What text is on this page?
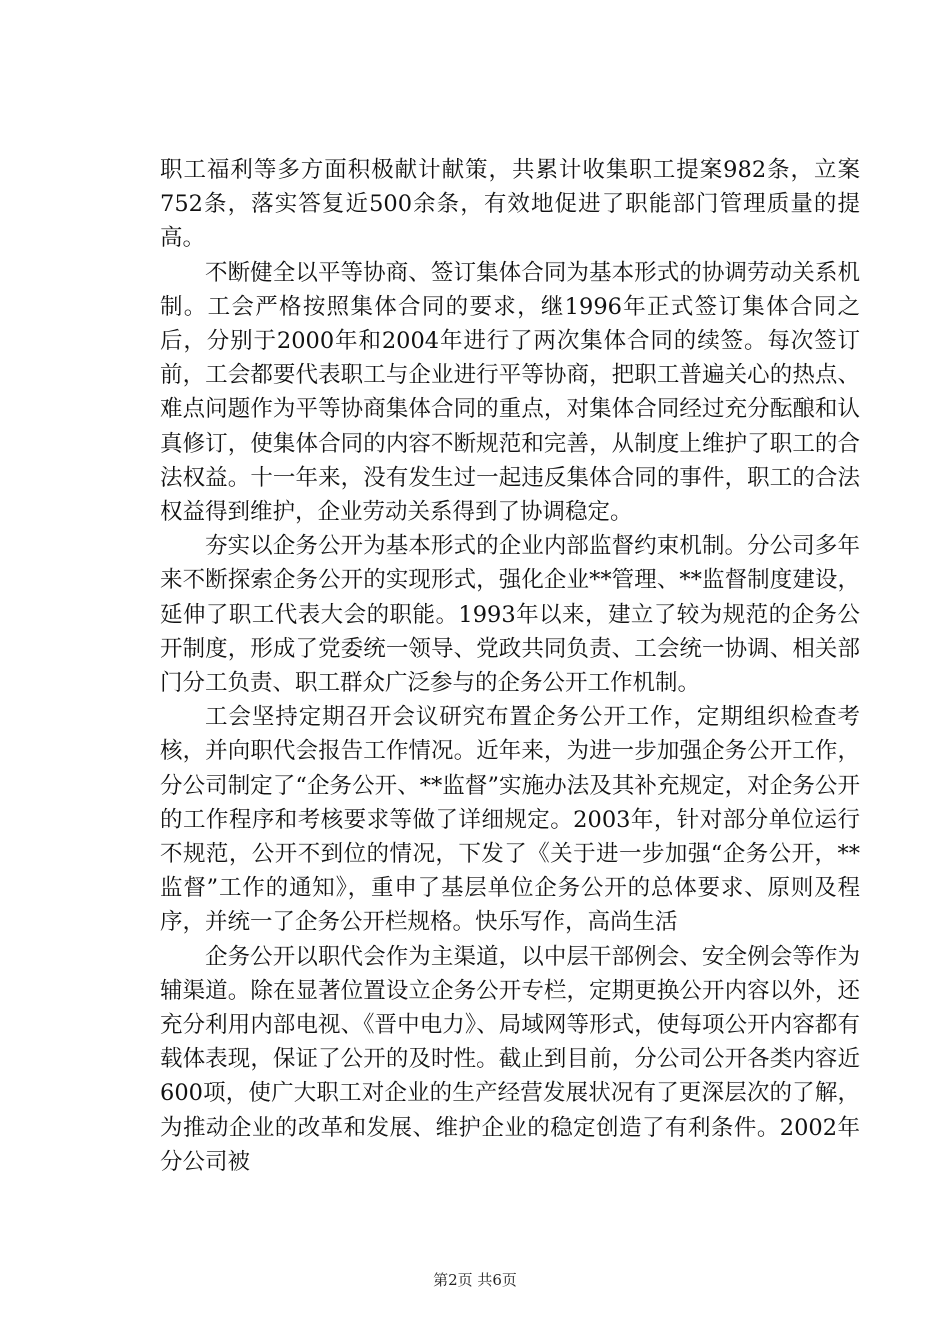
职工福利等多方面积极献计献策，共累计收集职工提案982条，立案752条，落实答复近500余条，有效地促进了职能部门管理质量的提高。

不断健全以平等协商、签订集体合同为基本形式的协调劳动关系机制。工会严格按照集体合同的要求，继1996年正式签订集体合同之后，分别于2000年和2004年进行了两次集体合同的续签。每次签订前，工会都要代表职工与企业进行平等协商，把职工普遍关心的热点、难点问题作为平等协商集体合同的重点，对集体合同经过充分酝酿和认真修订，使集体合同的内容不断规范和完善，从制度上维护了职工的合法权益。十一年来，没有发生过一起违反集体合同的事件，职工的合法权益得到维护，企业劳动关系得到了协调稳定。

夯实以企务公开为基本形式的企业内部监督约束机制。分公司多年来不断探索企务公开的实现形式，强化企业**管理、**监督制度建设，延伸了职工代表大会的职能。1993年以来，建立了较为规范的企务公开制度，形成了党委统一领导、党政共同负责、工会统一协调、相关部门分工负责、职工群众广泛参与的企务公开工作机制。

工会坚持定期召开会议研究布置企务公开工作，定期组织检查考核，并向职代会报告工作情况。近年来，为进一步加强企务公开工作，分公司制定了“企务公开、**监督”实施办法及其补充规定，对企务公开的工作程序和考核要求等做了详细规定。2003年，针对部分单位运行不规范，公开不到位的情况，下发了《关于进一步加强“企务公开，**监督”工作的通知》，重申了基层单位企务公开的总体要求、原则及程序，并统一了企务公开栏规格。快乐写作，高尚生活

企务公开以职代会作为主渠道，以中层干部例会、安全例会等作为辅渠道。除在显著位置设立企务公开专栏，定期更换公开内容以外，还充分利用内部电视、《晋中电力》、局域网等形式，使每项公开内容都有载体表现，保证了公开的及时性。截止到目前，分公司公开各类内容近600项，使广大职工对企业的生产经营发展状况有了更深层次的了解，为推动企业的改革和发展、维护企业的稳定创造了有利条件。2002年分公司被

第2页 共6页
